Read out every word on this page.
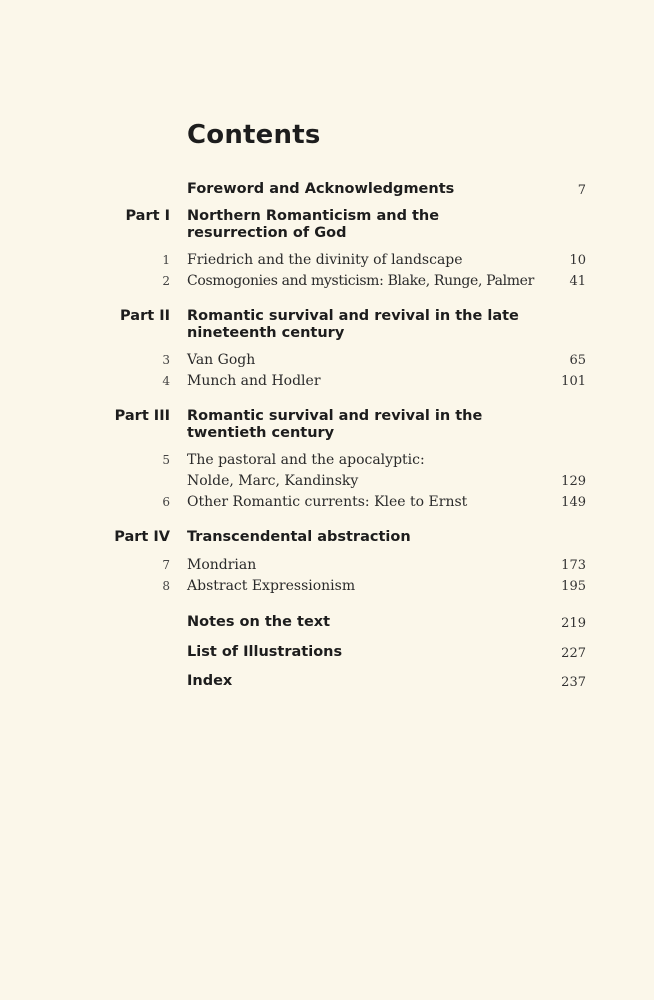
Contents
Foreword and Acknowledgments	7
Part I Northern Romanticism and the resurrection of God
1 Friedrich and the divinity of landscape	10
2 Cosmogonies and mysticism: Blake, Runge, Palmer	41
Part II Romantic survival and revival in the late nineteenth century
3 Van Gogh	65
4 Munch and Hodler	101
Part III Romantic survival and revival in the twentieth century
5 The pastoral and the apocalyptic:
Nolde, Marc, Kandinsky	129
6 Other Romantic currents: Klee to Ernst	149
Part IV Transcendental abstraction
7 Mondrian	173
8 Abstract Expressionism	195
Notes on the text	219
List of Illustrations	227
Index	237
